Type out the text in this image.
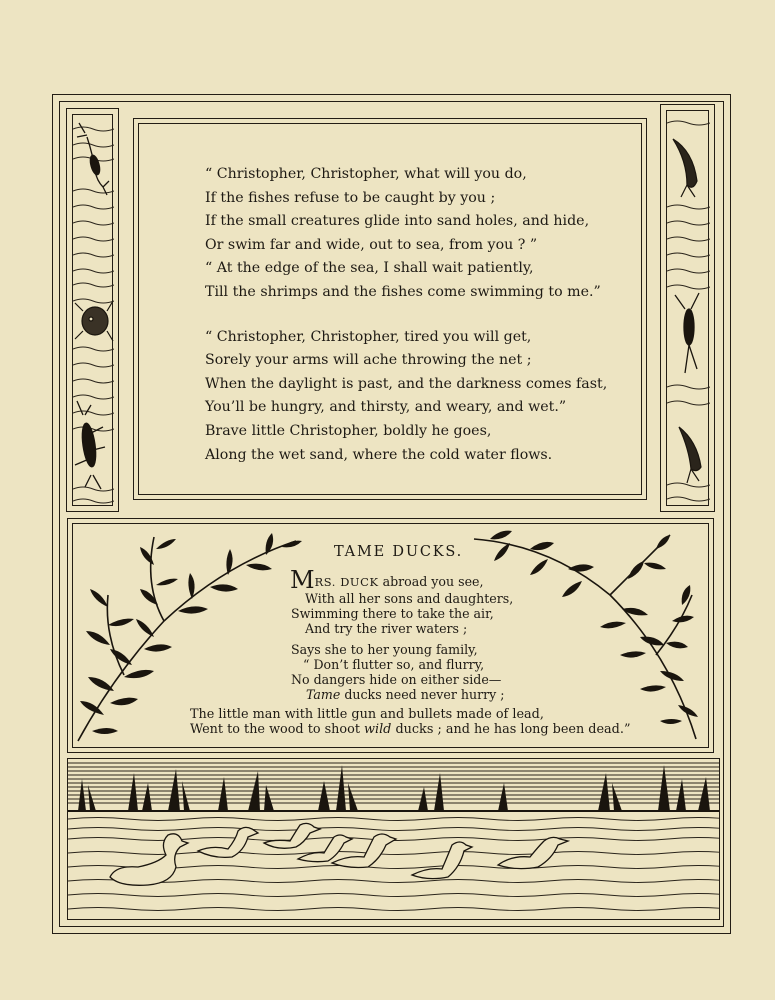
“ Christopher, Christopher, what will you do,
If the fishes refuse to be caught by you ;
If the small creatures glide into sand holes, and hide,
Or swim far and wide, out to sea, from you ? ”
“ At the edge of the sea, I shall wait patiently,
Till the shrimps and the fishes come swimming to me.”
“ Christopher, Christopher, tired you will get,
Sorely your arms will ache throwing the net ;
When the daylight is past, and the darkness comes fast,
You’ll be hungry, and thirsty, and weary, and wet.”
Brave little Christopher, boldly he goes,
Along the wet sand, where the cold water flows.
TAME DUCKS.
MRS. DUCK abroad you see,
With all her sons and daughters,
Swimming there to take the air,
And try the river waters ;
Says she to her young family,
“ Don’t flutter so, and flurry,
No dangers hide on either side—
Tame ducks need never hurry ;
The little man with little gun and bullets made of lead,
Went to the wood to shoot wild ducks ; and he has long been dead.”
